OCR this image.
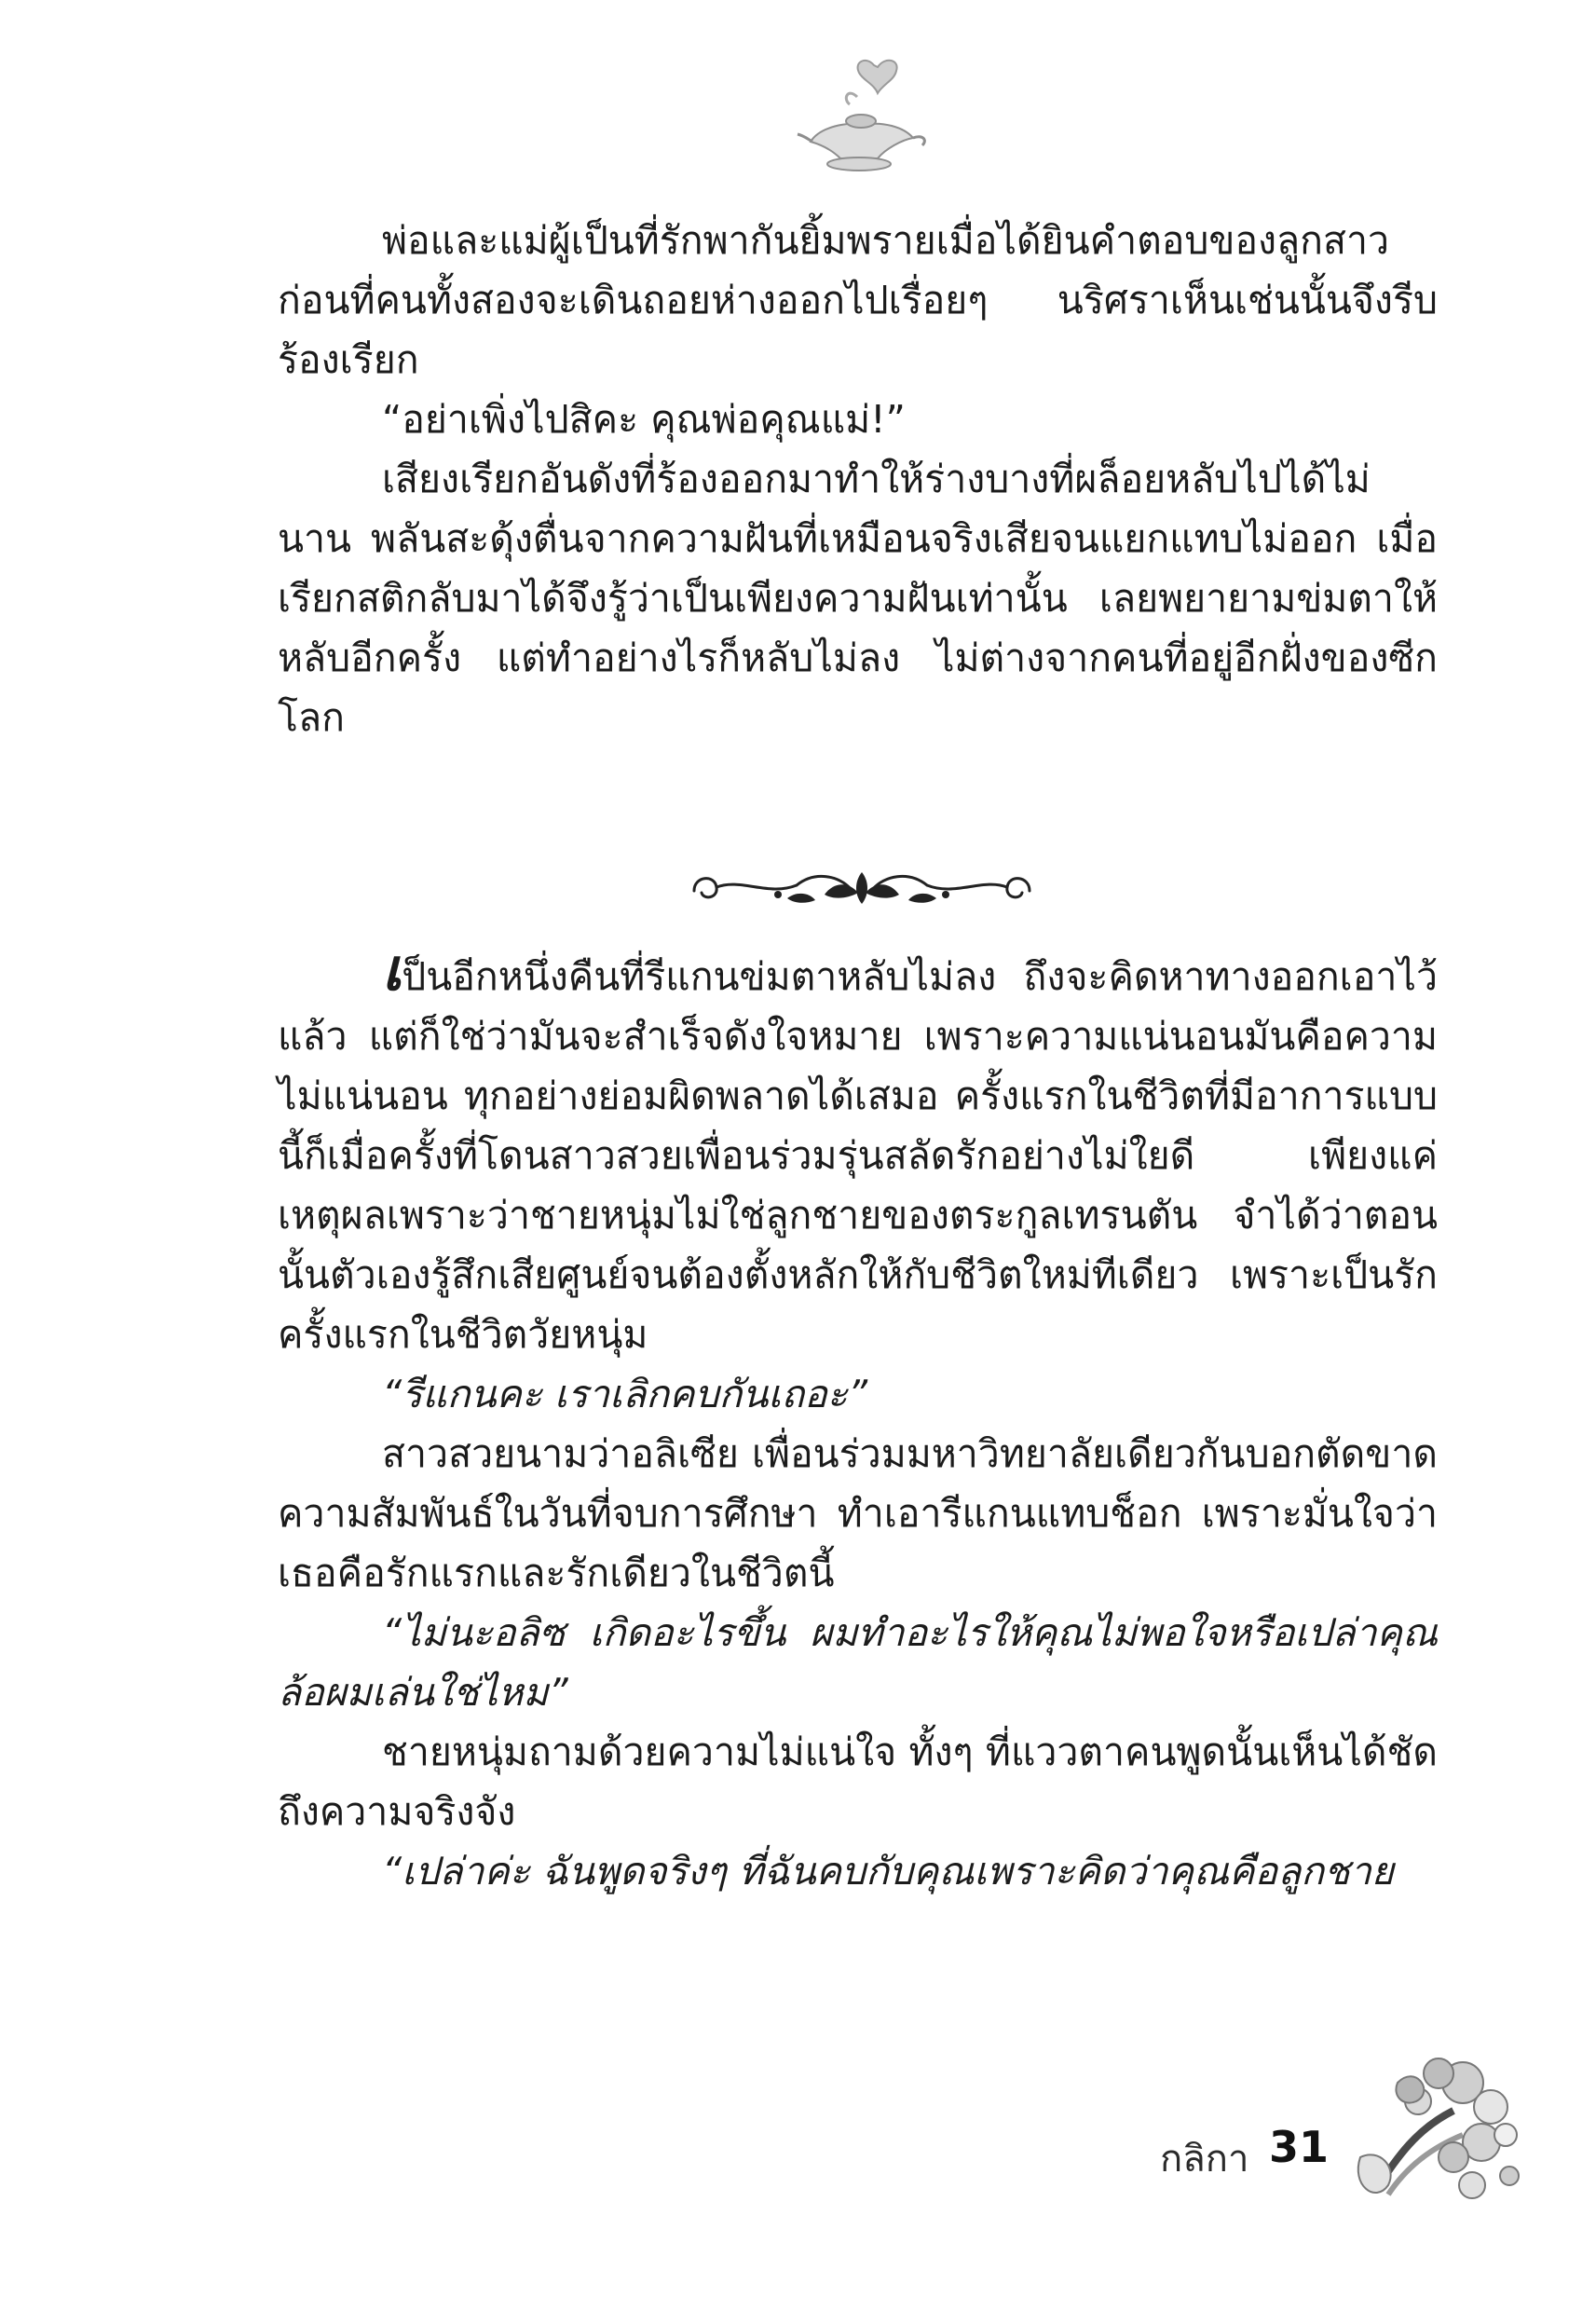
พ่อและแม่ผู้เป็นที่รักพากันยิ้มพรายเมื่อได้ยินคำตอบของลูกสาว ก่อนที่คนทั้งสองจะเดินถอยห่างออกไปเรื่อยๆ นริศราเห็นเช่นนั้นจึงรีบร้องเรียก

“อย่าเพิ่งไปสิคะ คุณพ่อคุณแม่!”

เสียงเรียกอันดังที่ร้องออกมาทำให้ร่างบางที่ผล็อยหลับไปได้ไม่นาน พลันสะดุ้งตื่นจากความฝันที่เหมือนจริงเสียจนแยกแทบไม่ออก เมื่อเรียกสติกลับมาได้จึงรู้ว่าเป็นเพียงความฝันเท่านั้น เลยพยายามข่มตาให้หลับอีกครั้ง แต่ทำอย่างไรก็หลับไม่ลง ไม่ต่างจากคนที่อยู่อีกฝั่งของซีกโลก

เป็นอีกหนึ่งคืนที่รีแกนข่มตาหลับไม่ลง ถึงจะคิดหาทางออกเอาไว้แล้ว แต่ก็ใช่ว่ามันจะสำเร็จดังใจหมาย เพราะความแน่นอนมันคือความไม่แน่นอน ทุกอย่างย่อมผิดพลาดได้เสมอ ครั้งแรกในชีวิตที่มีอาการแบบนี้ก็เมื่อครั้งที่โดนสาวสวยเพื่อนร่วมรุ่นสลัดรักอย่างไม่ใยดี เพียงแค่เหตุผลเพราะว่าชายหนุ่มไม่ใช่ลูกชายของตระกูลเทรนตัน จำได้ว่าตอนนั้นตัวเองรู้สึกเสียศูนย์จนต้องตั้งหลักให้กับชีวิตใหม่ทีเดียว เพราะเป็นรักครั้งแรกในชีวิตวัยหนุ่ม

“รีแกนคะ เราเลิกคบกันเถอะ”

สาวสวยนามว่าอลิเซีย เพื่อนร่วมมหาวิทยาลัยเดียวกันบอกตัดขาดความสัมพันธ์ในวันที่จบการศึกษา ทำเอารีแกนแทบช็อก เพราะมั่นใจว่าเธอคือรักแรกและรักเดียวในชีวิตนี้

“ไม่นะอลิซ เกิดอะไรขึ้น ผมทำอะไรให้คุณไม่พอใจหรือเปล่าคุณล้อผมเล่นใช่ไหม”

ชายหนุ่มถามด้วยความไม่แน่ใจ ทั้งๆ ที่แววตาคนพูดนั้นเห็นได้ชัดถึงความจริงจัง

“เปล่าค่ะ ฉันพูดจริงๆ ที่ฉันคบกับคุณเพราะคิดว่าคุณคือลูกชาย

กลิกา 31
